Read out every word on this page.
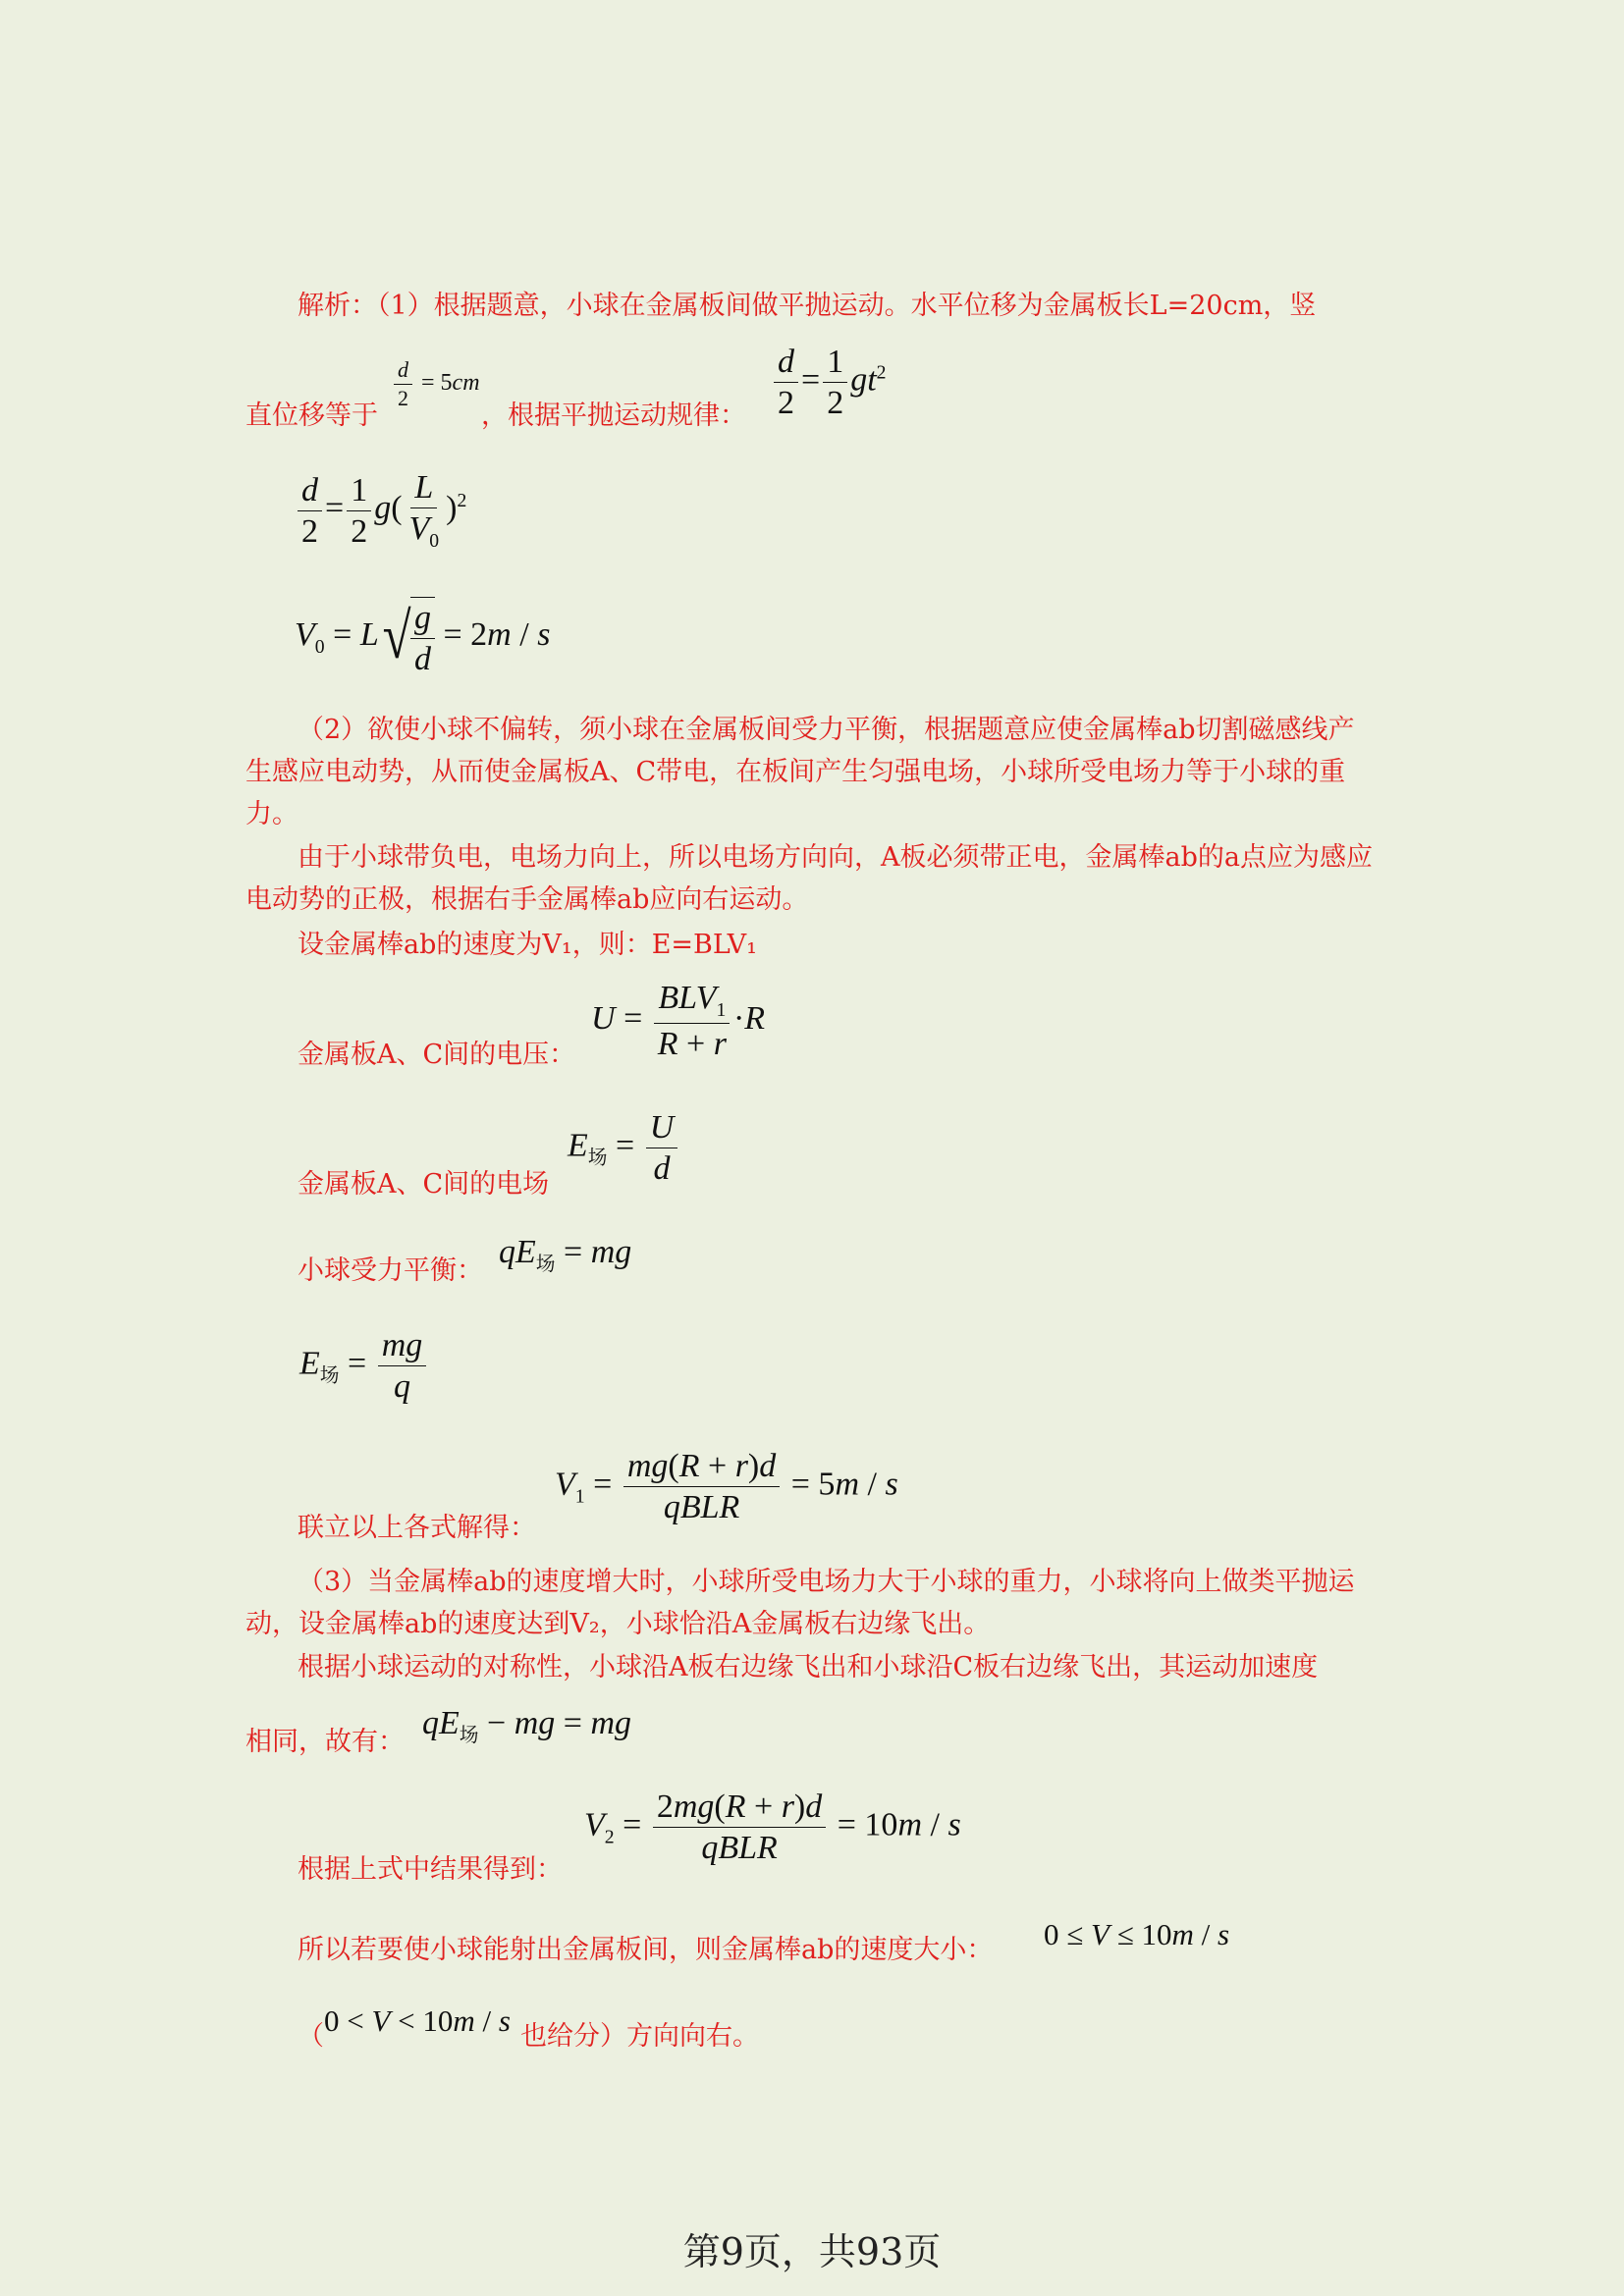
解析：（1）根据题意，小球在金属板间做平抛运动。水平位移为金属板长L=20cm，竖
直位移等于
$\frac{d}{2} = 5cm$
，根据平抛运动规律： $\frac{d}{2} = \frac{1}{2} gt^2$
$\frac{d}{2} = \frac{1}{2} g( \frac{L}{V_0} )^2$
$V_0 = L$ √ $\frac{g}{d} = 2m / s$
（2）欲使小球不偏转，须小球在金属板间受力平衡，根据题意应使金属棒ab切割磁感线产生感应电动势，从而使金属板A、C带电，在板间产生匀强电场，小球所受电场力等于小球的重力。
由于小球带负电，电场力向上，所以电场方向向，A板必须带正电，金属棒ab的a点应为感应电动势的正极，根据右手金属棒ab应向右运动。
设金属棒ab的速度为V₁，则：E=BLV₁
金属板A、C间的电压：
$U = \frac{BLV_1}{R + r} \cdot R$
金属板A、C间的电场
$E_场 = \frac{U}{d}$
小球受力平衡：
$qE_场$ = mg
$E_场 = \frac{mg}{q}$
联立以上各式解得：
$V_1 = \frac{mg(R + r)d}{\text{qBLR}} = 5m / s$
（3）当金属棒ab的速度增大时，小球所受电场力大于小球的重力，小球将向上做类平抛运动，设金属棒ab的速度达到V₂，小球恰沿A金属板右边缘飞出。
根据小球运动的对称性，小球沿A板右边缘飞出和小球沿C板右边缘飞出，其运动加速度
相同，故有：
$qE_场$ − mg = mg
根据上式中结果得到：
$V_2 = \frac{2mg(R + r)d}{\text{qBLR}} = 10m / s$
所以若要使小球能射出金属板间，则金属棒ab的速度大小： 0 ≤ V ≤ 10m / s
（ 0 < V < 10m / s 也给分）方向向右。
第9页，共93页
